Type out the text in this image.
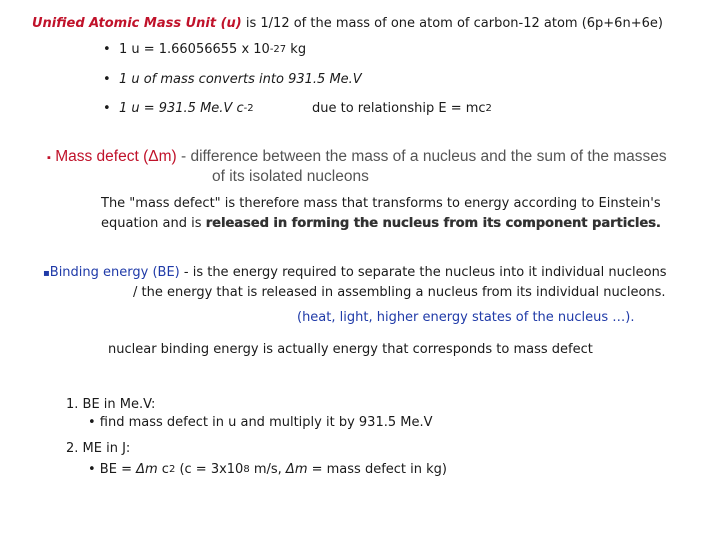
Unified Atomic Mass Unit (u) is 1/12 of the mass of one atom of carbon-12 atom (6p+6n+6e)
• 1 u = 1.66056655 x $10^{-27}$ kg
• 1 u of mass converts into 931.5 Me.V
• 1 u = 931.5 Me.V $c^{-2}$	due to relationship $E = mc^2$
▪ Mass defect (Δm) - difference between the mass of a nucleus and the sum of the masses
of its isolated nucleons
The "mass defect" is therefore mass that transforms to energy according to Einstein's
equation and is released in forming the nucleus from its component particles.
▪Binding energy (BE) - is the energy required to separate the nucleus into it individual nucleons
/ the energy that is released in assembling a nucleus from its individual nucleons.
(heat, light, higher energy states of the nucleus …).
nuclear binding energy is actually energy that corresponds to mass defect
1. BE in Me.V:
• find mass defect in u and multiply it by 931.5 Me.V
2. ME in J:
• BE = Δm $c^2$ ($c = 3x10^8$ m/s, Δm = mass defect in kg)
